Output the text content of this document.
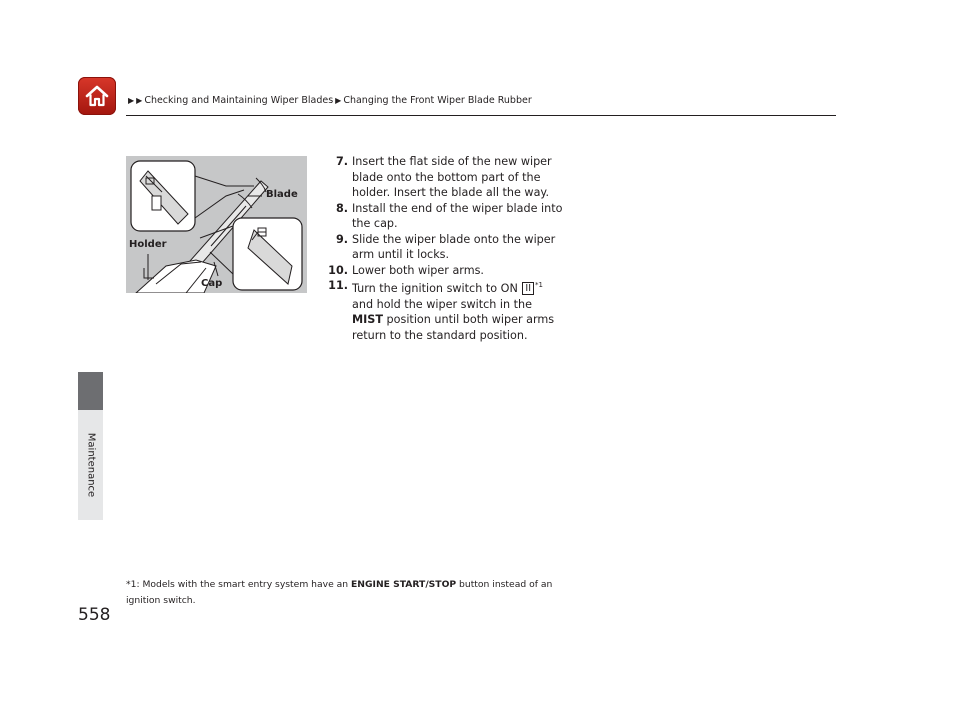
▶ ▶ Checking and Maintaining Wiper Blades ▶ Changing the Front Wiper Blade Rubber
Maintenance
558
Blade
Holder
Cap
7. Insert the flat side of the new wiper blade onto the bottom part of the holder. Insert the blade all the way.
8. Install the end of the wiper blade into the cap.
9. Slide the wiper blade onto the wiper arm until it locks.
10. Lower both wiper arms.
11. Turn the ignition switch to ON II $^{*1}$ and hold the wiper switch in the MIST position until both wiper arms return to the standard position.
*1: Models with the smart entry system have an ENGINE START/STOP button instead of an ignition switch.
